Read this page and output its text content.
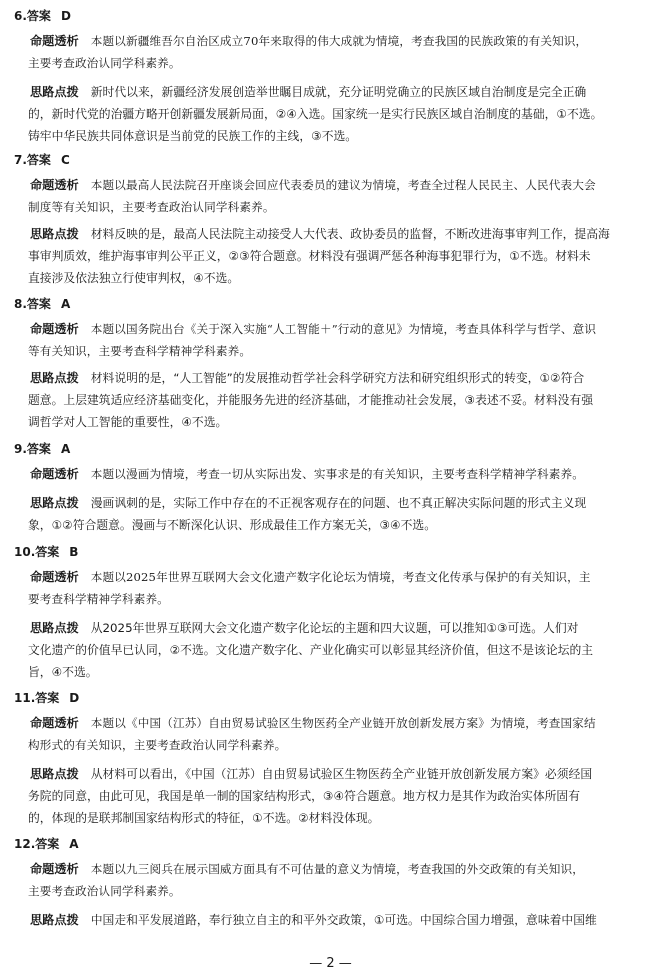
6.答案 D
命题透析 本题以新疆维吾尔自治区成立70年来取得的伟大成就为情境，考查我国的民族政策的有关知识，
主要考查政治认同学科素养。
思路点拨 新时代以来，新疆经济发展创造举世瞩目成就，充分证明党确立的民族区域自治制度是完全正确
的，新时代党的治疆方略开创新疆发展新局面，②④入选。国家统一是实行民族区域自治制度的基础，①不选。
铸牢中华民族共同体意识是当前党的民族工作的主线，③不选。
7.答案 C
命题透析 本题以最高人民法院召开座谈会回应代表委员的建议为情境，考查全过程人民民主、人民代表大会
制度等有关知识，主要考查政治认同学科素养。
思路点拨 材料反映的是，最高人民法院主动接受人大代表、政协委员的监督，不断改进海事审判工作，提高海
事审判质效，维护海事审判公平正义，②③符合题意。材料没有强调严惩各种海事犯罪行为，①不选。材料未
直接涉及依法独立行使审判权，④不选。
8.答案 A
命题透析 本题以国务院出台《关于深入实施“人工智能＋”行动的意见》为情境，考查具体科学与哲学、意识
等有关知识，主要考查科学精神学科素养。
思路点拨 材料说明的是，“人工智能”的发展推动哲学社会科学研究方法和研究组织形式的转变，①②符合
题意。上层建筑适应经济基础变化，并能服务先进的经济基础，才能推动社会发展，③表述不妥。材料没有强
调哲学对人工智能的重要性，④不选。
9.答案 A
命题透析 本题以漫画为情境，考查一切从实际出发、实事求是的有关知识，主要考查科学精神学科素养。
思路点拨 漫画讽刺的是，实际工作中存在的不正视客观存在的问题、也不真正解决实际问题的形式主义现
象，①②符合题意。漫画与不断深化认识、形成最佳工作方案无关，③④不选。
10.答案 B
命题透析 本题以2025年世界互联网大会文化遗产数字化论坛为情境，考查文化传承与保护的有关知识，主
要考查科学精神学科素养。
思路点拨 从2025年世界互联网大会文化遗产数字化论坛的主题和四大议题，可以推知①③可选。人们对
文化遗产的价值早已认同，②不选。文化遗产数字化、产业化确实可以彰显其经济价值，但这不是该论坛的主
旨，④不选。
11.答案 D
命题透析 本题以《中国（江苏）自由贸易试验区生物医药全产业链开放创新发展方案》为情境，考查国家结
构形式的有关知识，主要考查政治认同学科素养。
思路点拨 从材料可以看出，《中国（江苏）自由贸易试验区生物医药全产业链开放创新发展方案》必须经国
务院的同意，由此可见，我国是单一制的国家结构形式，③④符合题意。地方权力是其作为政治实体所固有
的，体现的是联邦制国家结构形式的特征，①不选。②材料没体现。
12.答案 A
命题透析 本题以九三阅兵在展示国威方面具有不可估量的意义为情境，考查我国的外交政策的有关知识，
主要考查政治认同学科素养。
思路点拨 中国走和平发展道路，奉行独立自主的和平外交政策，①可选。中国综合国力增强，意味着中国维
— 2 —
